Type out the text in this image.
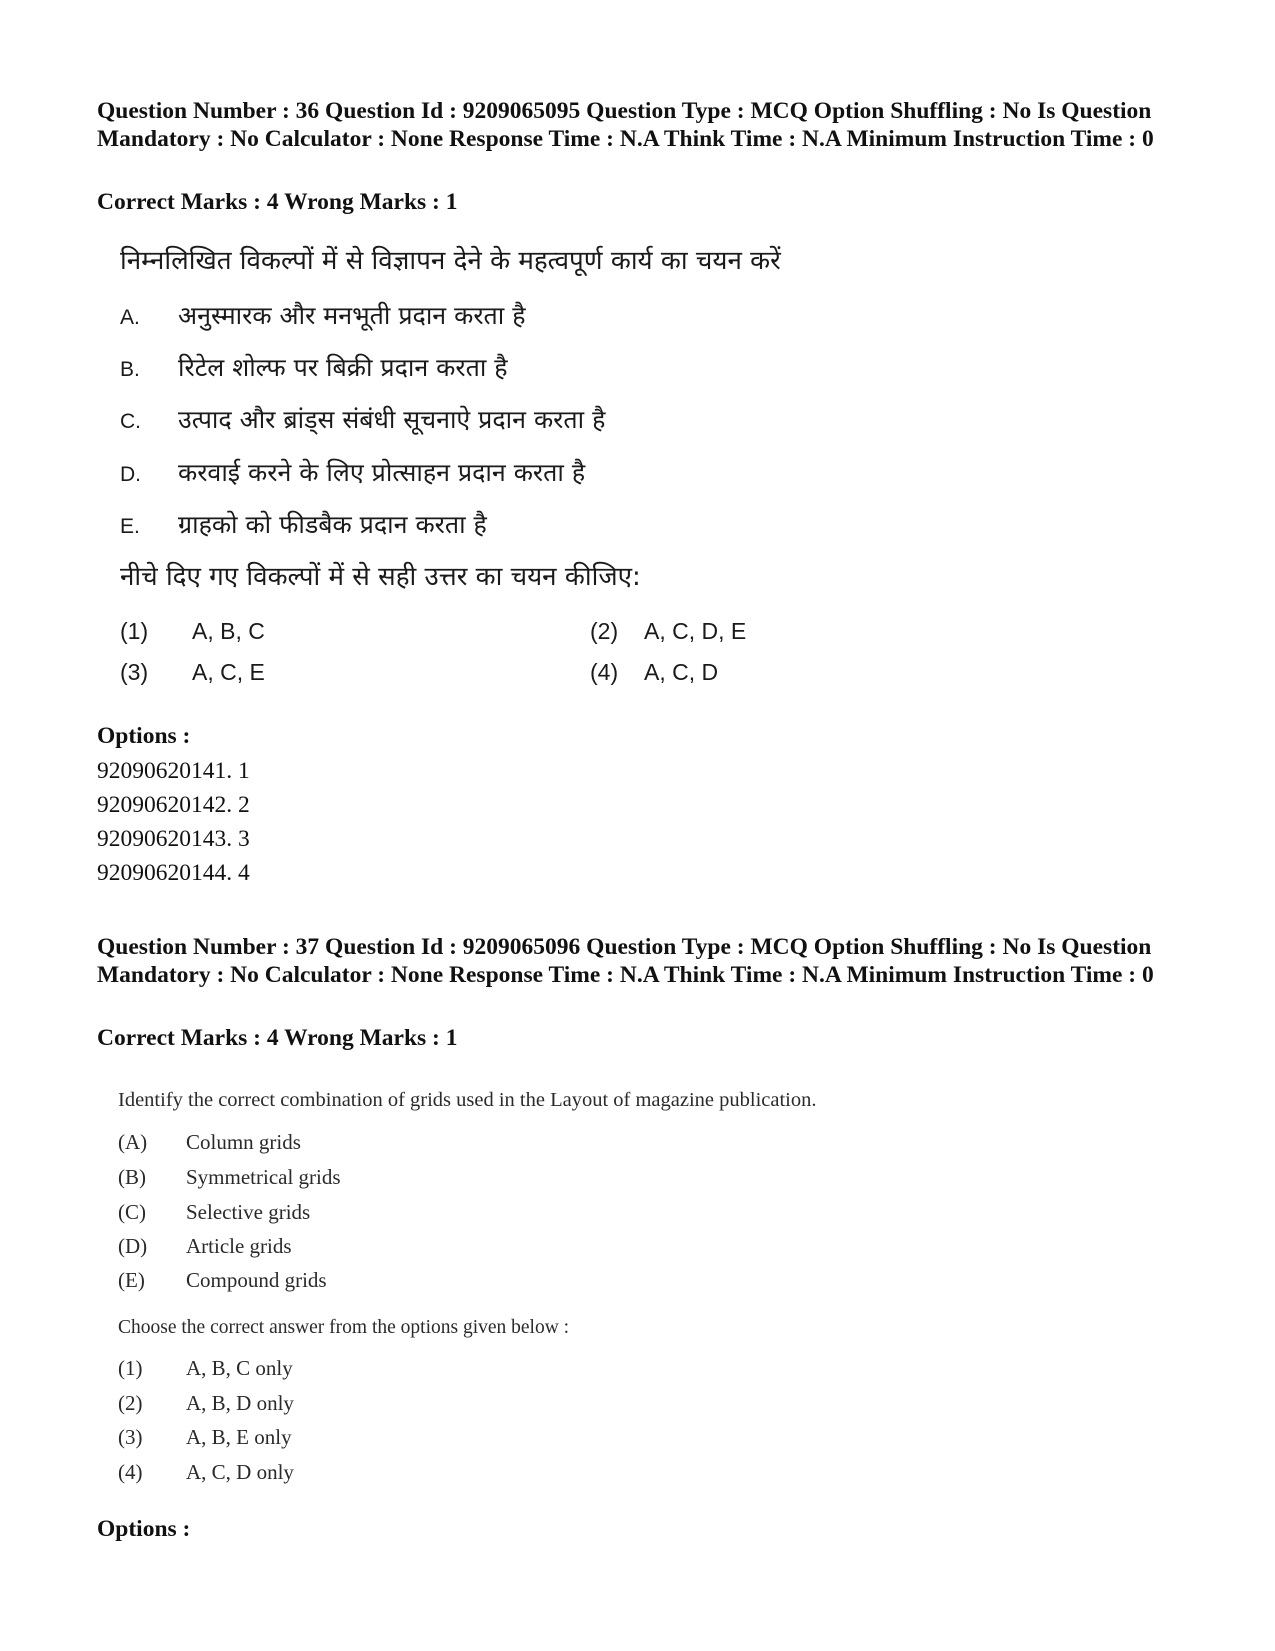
Question Number : 36 Question Id : 9209065095 Question Type : MCQ Option Shuffling : No Is Question Mandatory : No Calculator : None Response Time : N.A Think Time : N.A Minimum Instruction Time : 0
Correct Marks : 4 Wrong Marks : 1
निम्नलिखित विकल्पों में से विज्ञापन देने के महत्वपूर्ण कार्य का चयन करें
A. अनुस्मारक और मनभूती प्रदान करता है
B. रिटेल शोल्फ पर बिक्री प्रदान करता है
C. उत्पाद और ब्रांड्स संबंधी सूचनाऐ प्रदान करता है
D. करवाई करने के लिए प्रोत्साहन प्रदान करता है
E. ग्राहको को फीडबैक प्रदान करता है
नीचे दिए गए विकल्पों में से सही उत्तर का चयन कीजिए:
(1) A, B, C	(2) A, C, D, E
(3) A, C, E	(4) A, C, D
Options :
92090620141. 1
92090620142. 2
92090620143. 3
92090620144. 4
Question Number : 37 Question Id : 9209065096 Question Type : MCQ Option Shuffling : No Is Question Mandatory : No Calculator : None Response Time : N.A Think Time : N.A Minimum Instruction Time : 0
Correct Marks : 4 Wrong Marks : 1
Identify the correct combination of grids used in the Layout of magazine publication.
(A) Column grids
(B) Symmetrical grids
(C) Selective grids
(D) Article grids
(E) Compound grids
Choose the correct answer from the options given below :
(1) A, B, C only
(2) A, B, D only
(3) A, B, E only
(4) A, C, D only
Options :
